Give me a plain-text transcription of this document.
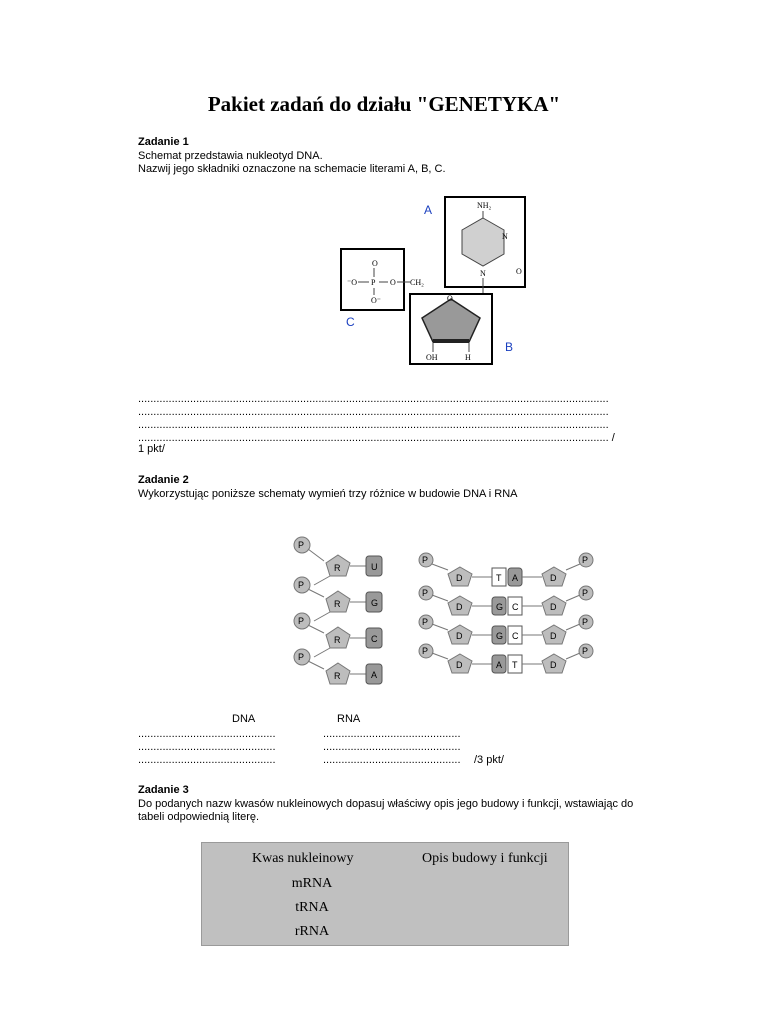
Pakiet zadań do działu "GENETYKA"
Zadanie 1
Schemat przedstawia nukleotyd DNA.
Nazwij jego składniki oznaczone na schemacie literami A, B, C.
A	NH₂
N
N	O
O
⁻O P O
O⁻
CH₂
C
O
OH	H
B
..........................................................................................................................................................
..........................................................................................................................................................
..........................................................................................................................................................
.......................................................................................................................................................... /
1 pkt/
Zadanie 2
Wykorzystując poniższe schematy wymień trzy różnice w budowie DNA i RNA
P
R	U
P
R	G
P
R	C
P
R	A
P
D	T A	D
P
P
D	G C	D
P
P
D	G C	D
P
P
D	A T	D
P
DNA	RNA
.............................................
.............................................
.............................................
.............................................
.............................................
............................................. /3 pkt/
Zadanie 3
Do podanych nazw kwasów nukleinowych dopasuj właściwy opis jego budowy i funkcji, wstawiając do
tabeli odpowiednią literę.
Kwas nukleinowy	Opis budowy i funkcji
mRNA
tRNA
rRNA
